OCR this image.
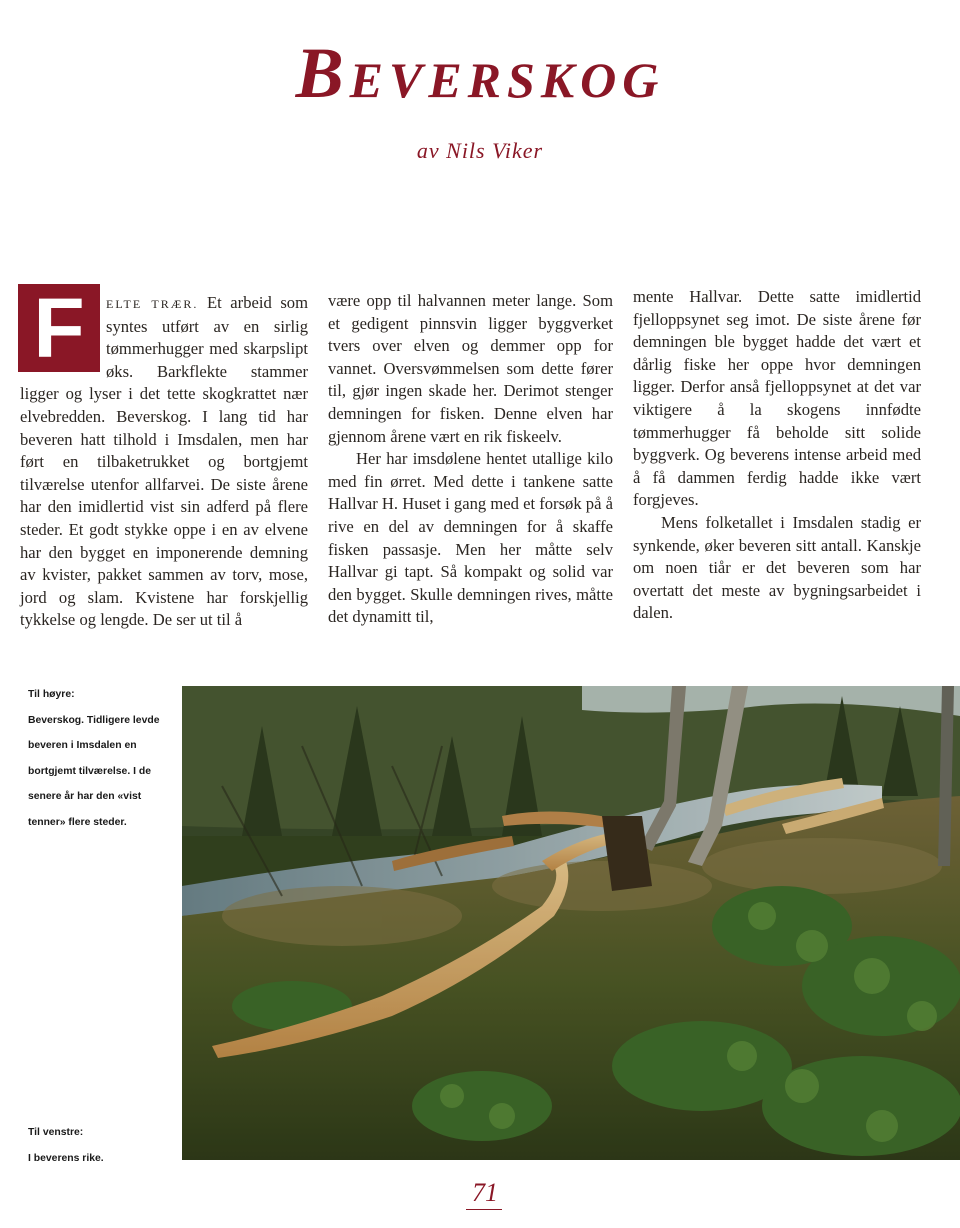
BEVERSKOG
av Nils Viker

F	ELTE TRÆR. Et arbeid som syntes utført av en sirlig tømmerhugger med skarpslipt øks. Barkflekte stammer ligger og lyser i det tette skogkrattet nær elvebredden. Beverskog. I lang tid har beveren hatt tilhold i Imsdalen, men har ført en tilbaketrukket og bortgjemt tilværelse utenfor allfarvei. De siste årene har den imidlertid vist sin adferd på flere steder. Et godt stykke oppe i en av elvene har den bygget en imponerende demning av kvister, pakket sammen av torv, mose, jord og slam. Kvistene har forskjellig tykkelse og lengde. De ser ut til å

være opp til halvannen meter lange. Som et gedigent pinnsvin ligger byggverket tvers over elven og demmer opp for vannet. Oversvømmelsen som dette fører til, gjør ingen skade her. Derimot stenger demningen for fisken. Denne elven har gjennom årene vært en rik fiskeelv.

Her har imsdølene hentet utallige kilo med fin ørret. Med dette i tankene satte Hallvar H. Huset i gang med et forsøk på å rive en del av demningen for å skaffe fisken passasje. Men her måtte selv Hallvar gi tapt. Så kompakt og solid var den bygget. Skulle demningen rives, måtte det dynamitt til,

mente Hallvar. Dette satte imidlertid fjelloppsynet seg imot. De siste årene før demningen ble bygget hadde det vært et dårlig fiske her oppe hvor demningen ligger. Derfor anså fjelloppsynet at det var viktigere å la skogens innfødte tømmerhugger få beholde sitt solide byggverk. Og beverens intense arbeid med å få dammen ferdig hadde ikke vært forgjeves.

Mens folketallet i Imsdalen stadig er synkende, øker beveren sitt antall. Kanskje om noen tiår er det beveren som har overtatt det meste av bygningsarbeidet i dalen.

Til høyre:
Beverskog. Tidligere levde beveren i Imsdalen en bortgjemt tilværelse. I de senere år har den «vist tenner» flere steder.
Til venstre:
I beverens rike.
71
